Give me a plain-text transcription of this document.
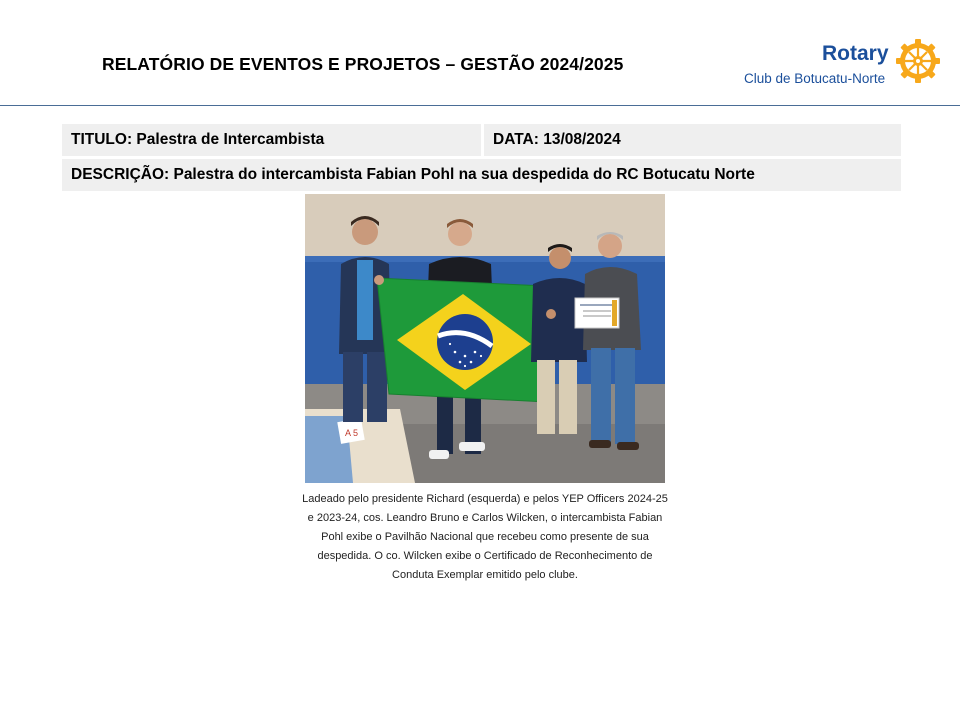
RELATÓRIO DE EVENTOS E PROJETOS – GESTÃO 2024/2025	Rotary
Club de Botucatu-Norte
TITULO: Palestra de Intercambista	DATA: 13/08/2024
DESCRIÇÃO: Palestra do intercambista Fabian Pohl na sua despedida do RC Botucatu Norte
A 5
Ladeado pelo presidente Richard (esquerda) e pelos YEP Officers 2024-25 e 2023-24, cos. Leandro Bruno e Carlos Wilcken, o intercambista Fabian Pohl exibe o Pavilhão Nacional que recebeu como presente de sua despedida. O co. Wilcken exibe o Certificado de Reconhecimento de Conduta Exemplar emitido pelo clube.
